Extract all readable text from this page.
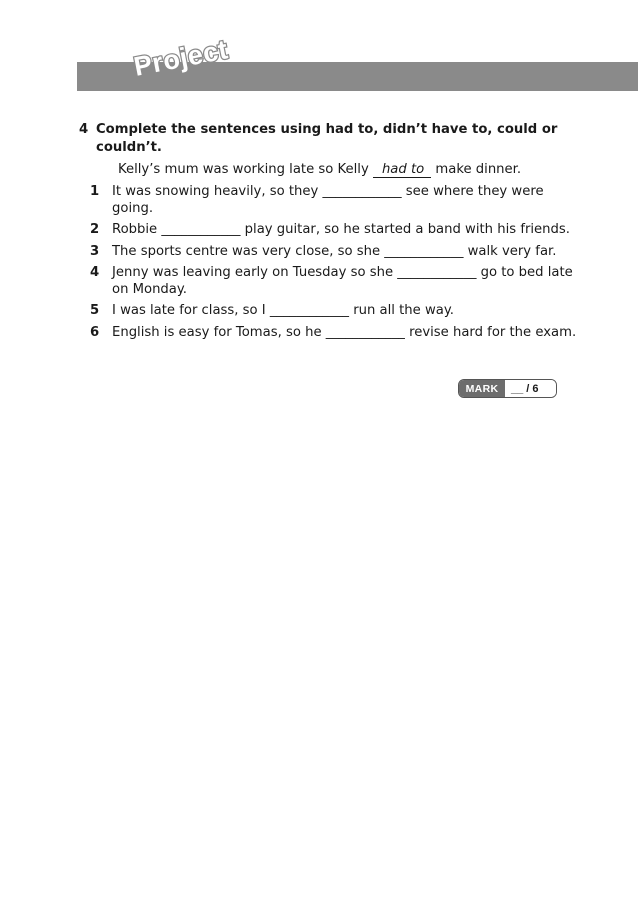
Project
4 Complete the sentences using had to, didn’t have to, could or couldn’t.
Kelly’s mum was working late so Kelly had to make dinner.
1 It was snowing heavily, so they ____________ see where they were going.
2 Robbie ____________ play guitar, so he started a band with his friends.
3 The sports centre was very close, so she ____________ walk very far.
4 Jenny was leaving early on Tuesday so she ____________ go to bed late on Monday.
5 I was late for class, so I ____________ run all the way.
6 English is easy for Tomas, so he ____________ revise hard for the exam.
MARK	__ / 6
